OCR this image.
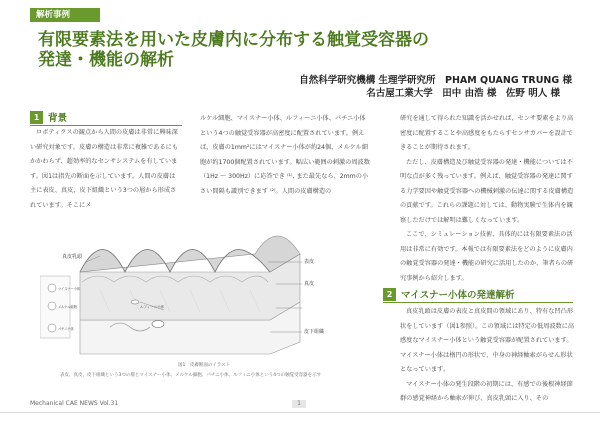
解析事例
有限要素法を用いた皮膚内に分布する触覚受容器の
発達・機能の解析
自然科学研究機構 生理学研究所　PHAM QUANG TRUNG 様
名古屋工業大学　田中 由浩 様　佐野 明人 様
1 背景

ロボティクスの観点から人間の皮膚は非常に興味深い研究対象です。皮膚の構造は非常に複雑であるにもかかわらず、超効率的なセンサシステムを有しています。図1は指先の断面を示しています。人間の皮膚は主に表皮、真皮、皮下組織という3つの層から形成されています。そこにメ

ルケル細胞、マイスナー小体、ルフィーニ小体、パチニ小体という4つの触覚受容器が高密度に配置されています。例えば、皮膚の1mm²にはマイスナー小体が約24個、メルケル細胞が約1700個配置されています。幅広い範囲の刺激の周波数（1Hz ～ 300Hz）に応答でき ⁽¹⁾, また最先なら、2mmの小さい間隔も識別できます ⁽²⁾。人間の皮膚構造の

研究を通して得られた知識を活かせれば、センサ要素をより高密度に配置することや高感度をもたらすセンサカバーを設計できることが期待されます。

ただし、皮膚構造及び触覚受容器の発達・機能については不明な点が多く残っています。例えば、触覚受容器の発達に関する力学要因や触覚受容器への機械刺激の伝達に関する皮膚構造の貢献です。これらの課題に対しては、動物実験で生体内を観察しただけでは解明は難しくなっています。

ここで、シミュレーション技術、具体的には有限要素法の活用は非常に有効です。本報では有限要素法をどのように皮膚内の触覚受容器の発達・機能の研究に活用したのか、筆者らの研究事例から紹介します。

2 マイスナー小体の発達解析

真皮乳頭は皮膚の表皮と真皮間の領域にあり、特有な凹凸形状をしています（図1参照）。この領域には特定の低周波数に高感度なマイスナー小体という触覚受容器が配置されています。マイスナー小体は楕円の形状で、中身の神経軸索がらせん形状となっています。

マイスナー小体の発生段階の初期には、有感での後根神経節群の感覚神経から軸索が伸び、真皮乳頭に入り、その

真皮乳頭
表皮
真皮
皮下組織
マイスナー小体
メルケル細胞	ルフィーニ小体
パチニ小体
図1　皮膚断面のイラスト
表皮、真皮、皮下組織という3つの層とマイスナー小体、メルケル細胞、パチニ小体、ルフィニ小体という4つの触覚受容器を示す
Mechanical CAE NEWS Vol.31	1
